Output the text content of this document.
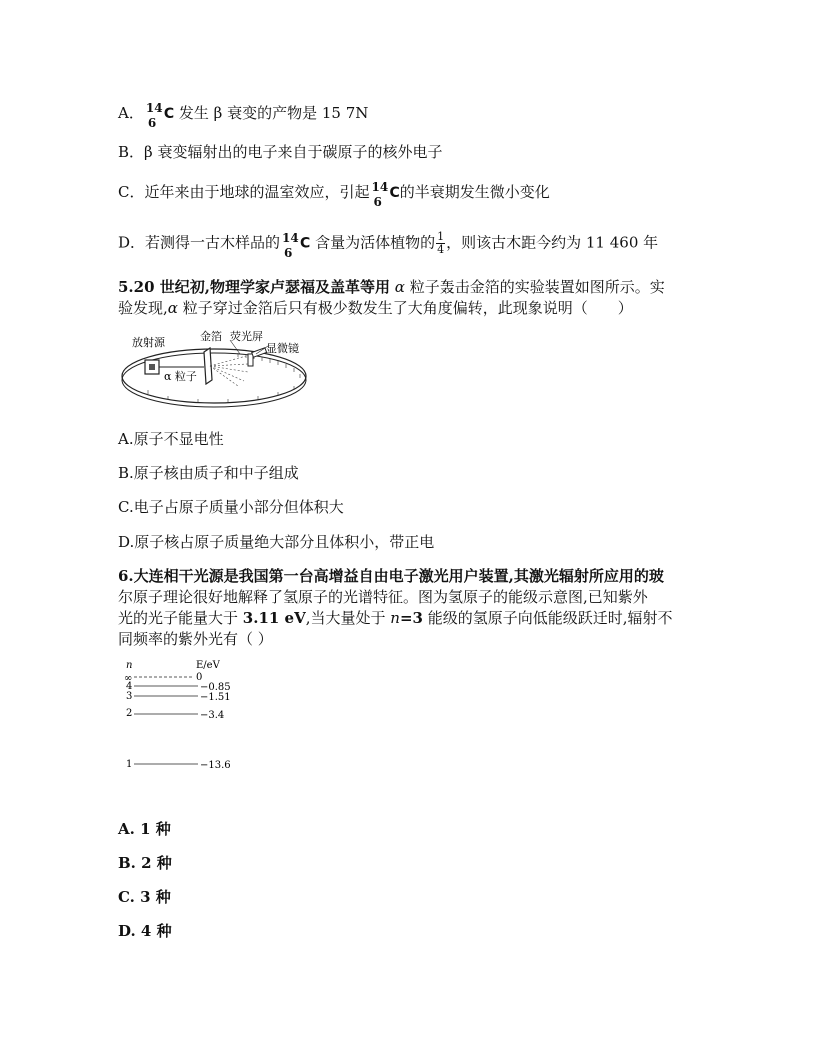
A． 14
6
C 发生 β 衰变的产物是 15 7N
B．β 衰变辐射出的电子来自于碳原子的核外电子
C．近年来由于地球的温室效应，引起 14
6
C的半衰期发生微小变化
D．若测得一古木样品的 14
6
C 含量为活体植物的 $\frac{1}{4}$ ，则该古木距今约为 11 460 年
5.20 世纪初,物理学家卢瑟福及盖革等用 α 粒子轰击金箔的实验装置如图所示。实
验发现,α 粒子穿过金箔后只有极少数发生了大角度偏转，此现象说明（　　）
放射源	金箔 荧光屏
显微镜
α 粒子
A.原子不显电性
B.原子核由质子和中子组成
C.电子占原子质量小部分但体积大
D.原子核占原子质量绝大部分且体积小，带正电
6.大连相干光源是我国第一台高增益自由电子激光用户装置,其激光辐射所应用的玻
尔原子理论很好地解释了氢原子的光谱特征。图为氢原子的能级示意图,已知紫外
光的光子能量大于 3.11 eV,当大量处于 n=3 能级的氢原子向低能级跃迁时,辐射不
同频率的紫外光有（ ）
n	E/eV
∞	0
4	−0.85
3	−1.51
2	−3.4
1	−13.6
A. 1 种
B. 2 种
C. 3 种
D. 4 种
